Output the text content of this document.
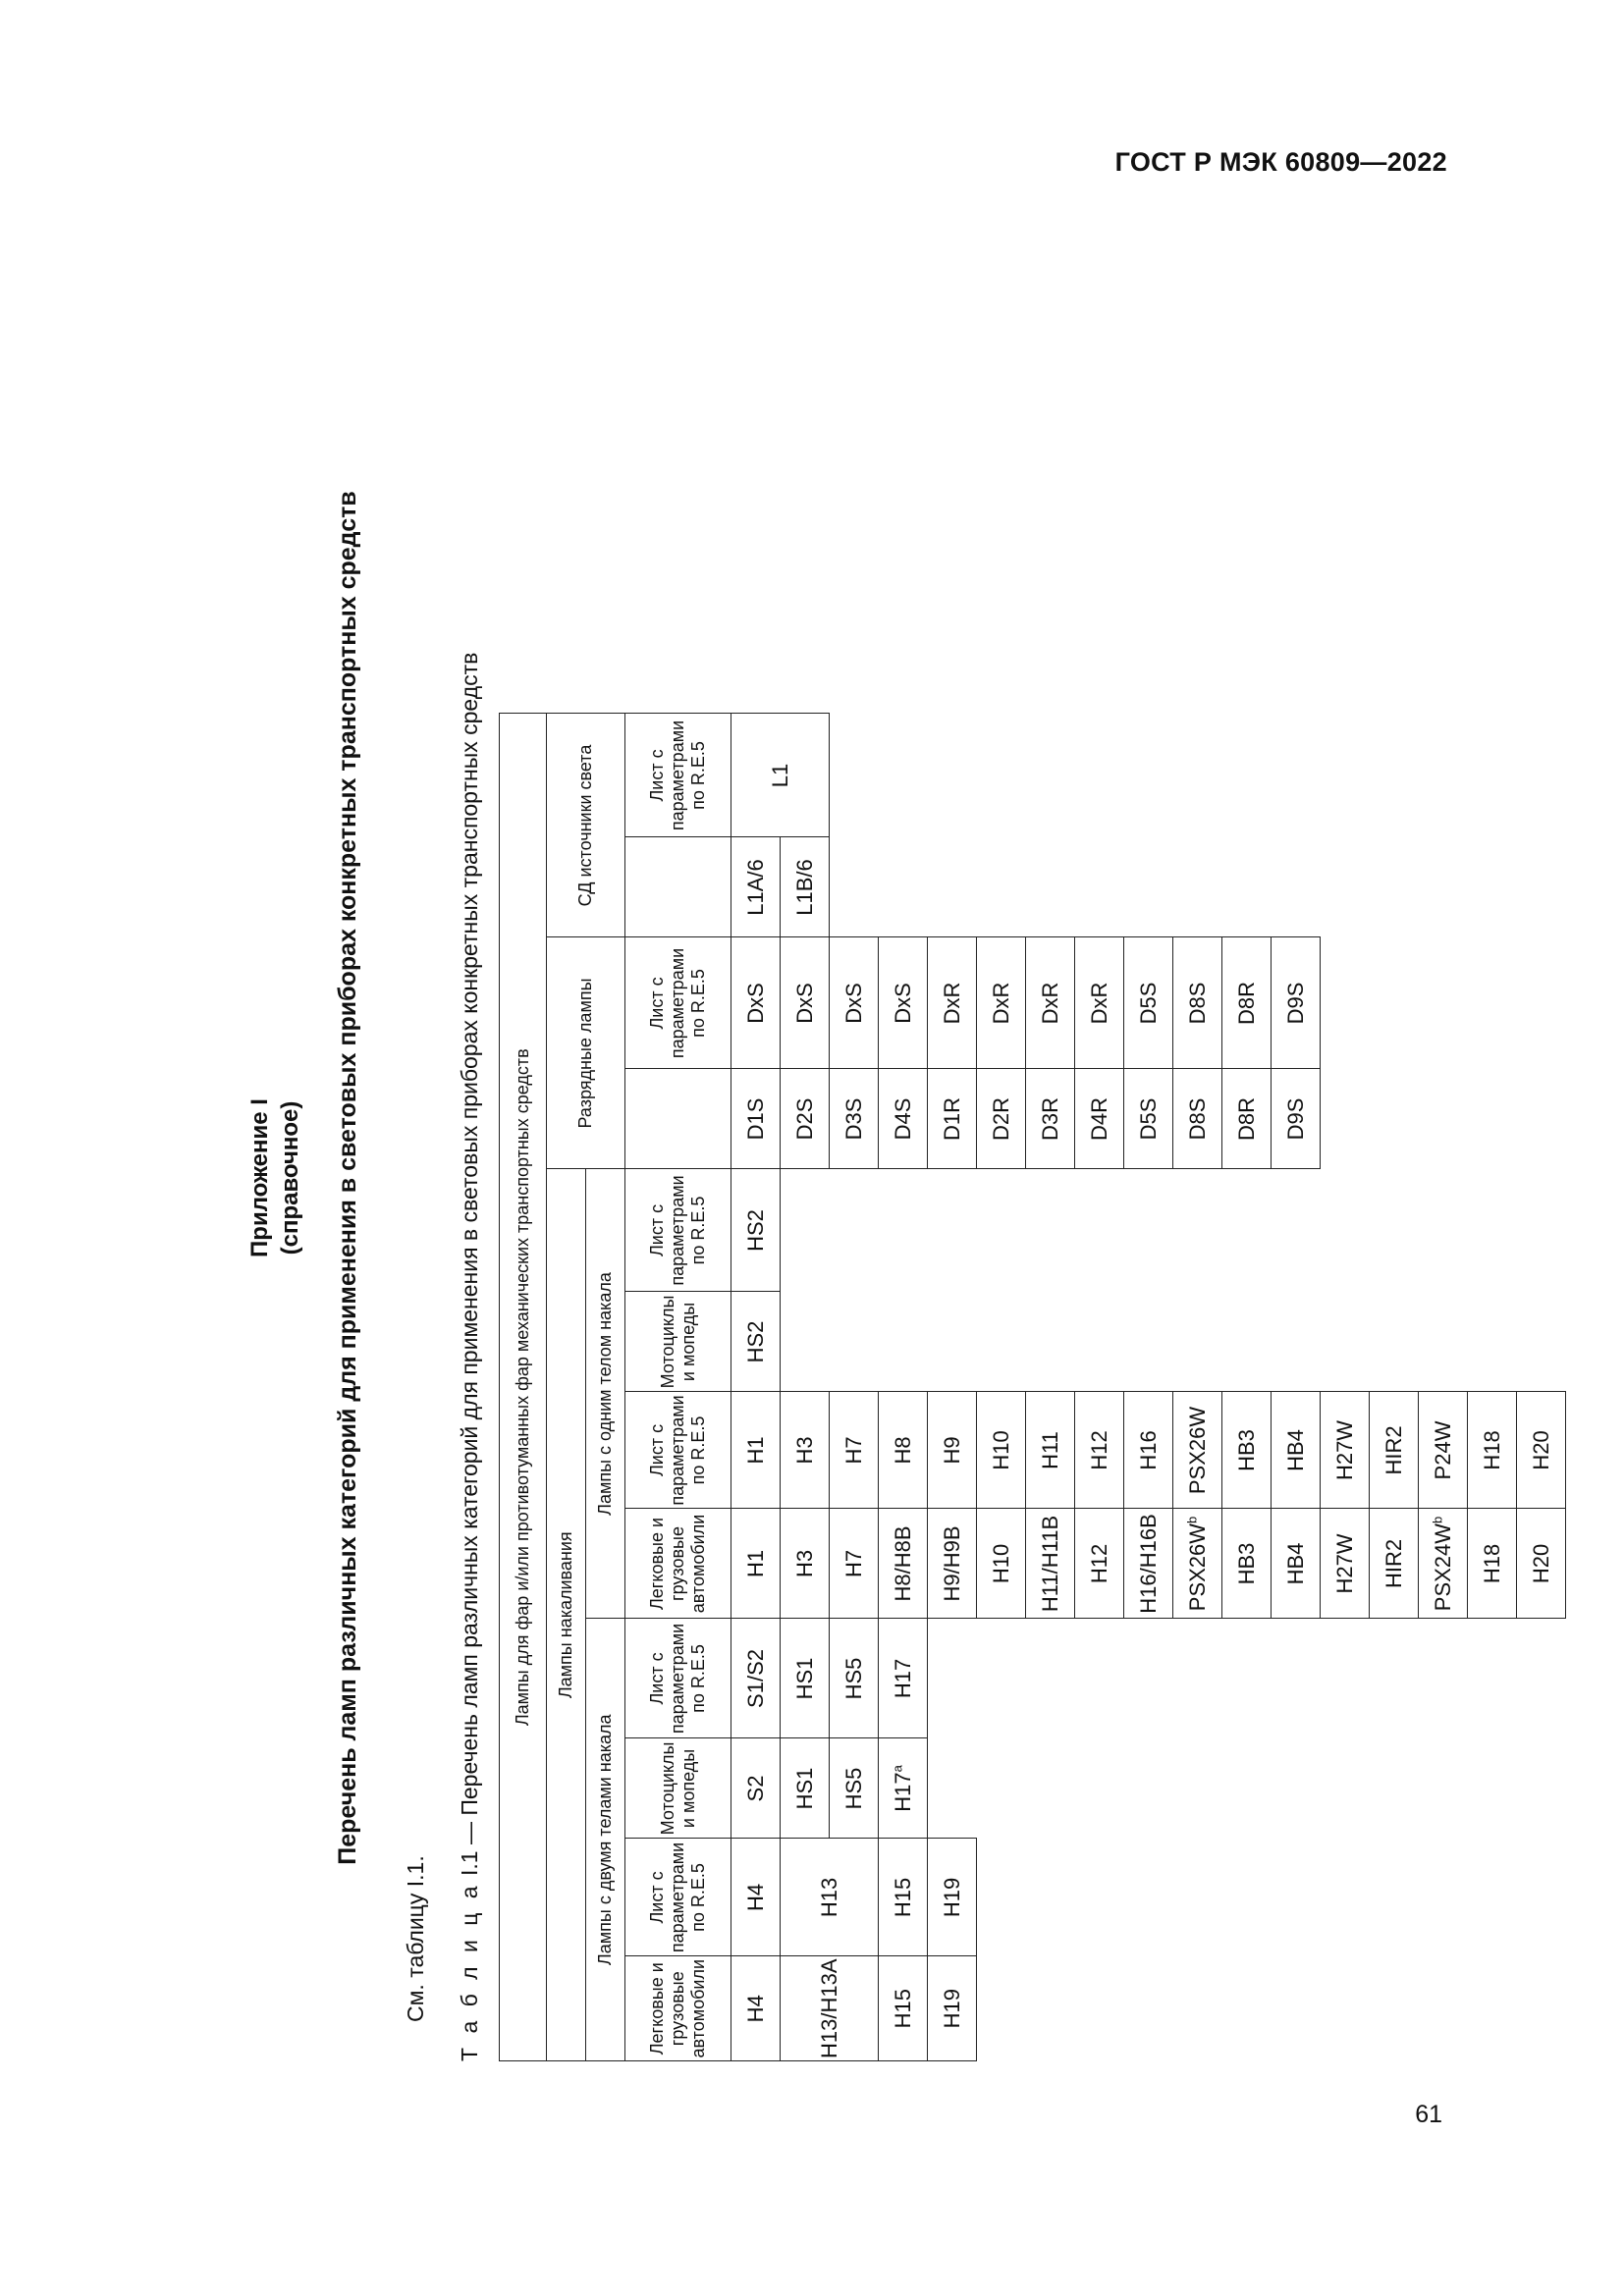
ГОСТ Р МЭК 60809—2022
61
Приложение I (справочное) Перечень ламп различных категорий для применения в световых приборах конкретных транспортных средств
См. таблицу I.1. Т а б л и ц а I.1 — Перечень ламп различных категорий для применения в световых приборах конкретных транспортных средств Лампы для фар и/или противотуманных фар механических транспортных средств											
Лампы накаливания								Разрядные лампы		СД источники света	
Лампы с двумя телами накала				Лампы с одним телом накала							
Легковые и грузовые автомобили	Лист с параметрами по R.E.5	Мотоциклы и мопеды	Лист с параметрами по R.E.5	Легковые и грузовые автомобили	Лист с параметрами по R.E.5	Мотоциклы и мопеды	Лист с параметрами по R.E.5		Лист с параметрами по R.E.5		Лист с параметрами по R.E.5
H4	H4	S2	S1/S2	H1	H1	HS2	HS2	D1S	DxS	L1A/6	L1
H13/H13A	H13	HS1	HS1	H3	H3			D2S	DxS	L1B/6	
		HS5	HS5	H7	H7			D3S	DxS		
H15	H15	H17$^a$	H17	H8/H8B	H8			D4S	DxS		
H19	H19			H9/H9B	H9			D1R	DxR		
				H10	H10			D2R	DxR		
				H11/H11B	H11			D3R	DxR		
				H12	H12			D4R	DxR		
				H16/H16B	H16			D5S	D5S		
				$PSX26W^b$	PSX26W			D8S	D8S		
				HB3	HB3			D8R	D8R		
				HB4	HB4			D9S	D9S		
				H27W	H27W						
				HIR2	HIR2						
				$PSX24W^b$	P24W						
				H18	H18						
				H20	H20						
